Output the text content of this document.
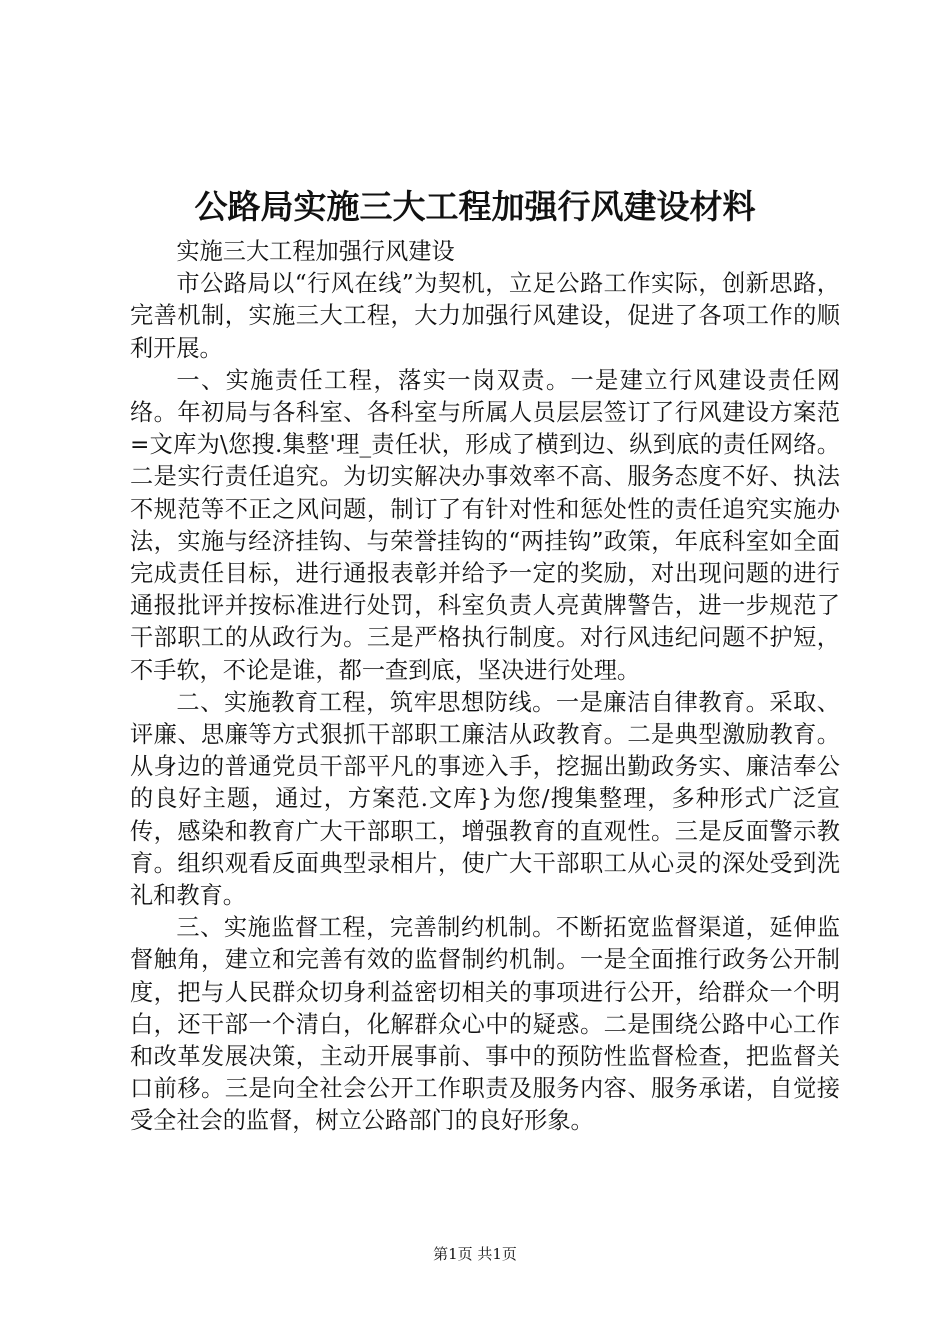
公路局实施三大工程加强行风建设材料

实施三大工程加强行风建设

市公路局以“行风在线”为契机，立足公路工作实际，创新思路，完善机制，实施三大工程，大力加强行风建设，促进了各项工作的顺利开展。

一、实施责任工程，落实一岗双责。一是建立行风建设责任网络。年初局与各科室、各科室与所属人员层层签订了行风建设方案范=文库为\您搜.集整'理_责任状，形成了横到边、纵到底的责任网络。二是实行责任追究。为切实解决办事效率不高、服务态度不好、执法不规范等不正之风问题，制订了有针对性和惩处性的责任追究实施办法，实施与经济挂钩、与荣誉挂钩的“两挂钩”政策，年底科室如全面完成责任目标，进行通报表彰并给予一定的奖励，对出现问题的进行通报批评并按标准进行处罚，科室负责人亮黄牌警告，进一步规范了干部职工的从政行为。三是严格执行制度。对行风违纪问题不护短，不手软，不论是谁，都一查到底，坚决进行处理。

二、实施教育工程，筑牢思想防线。一是廉洁自律教育。采取、评廉、思廉等方式狠抓干部职工廉洁从政教育。二是典型激励教育。从身边的普通党员干部平凡的事迹入手，挖掘出勤政务实、廉洁奉公的良好主题，通过，方案范.文库}为您/搜集整理，多种形式广泛宣传，感染和教育广大干部职工，增强教育的直观性。三是反面警示教育。组织观看反面典型录相片，使广大干部职工从心灵的深处受到洗礼和教育。

三、实施监督工程，完善制约机制。不断拓宽监督渠道，延伸监督触角，建立和完善有效的监督制约机制。一是全面推行政务公开制度，把与人民群众切身利益密切相关的事项进行公开，给群众一个明白，还干部一个清白，化解群众心中的疑惑。二是围绕公路中心工作和改革发展决策，主动开展事前、事中的预防性监督检查，把监督关口前移。三是向全社会公开工作职责及服务内容、服务承诺，自觉接受全社会的监督，树立公路部门的良好形象。

第1页 共1页
